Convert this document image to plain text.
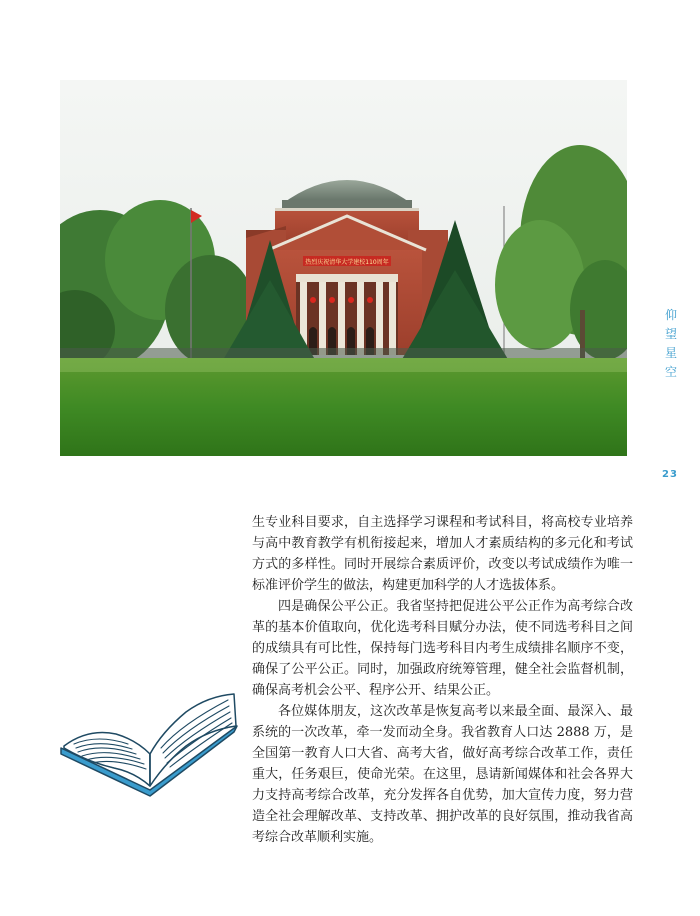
热烈庆祝清华大学建校110周年
仰
望
星
空
23

生专业科目要求，自主选择学习课程和考试科目，将高校专业培养与高中教育教学有机衔接起来，增加人才素质结构的多元化和考试方式的多样性。同时开展综合素质评价，改变以考试成绩作为唯一标准评价学生的做法，构建更加科学的人才选拔体系。

四是确保公平公正。我省坚持把促进公平公正作为高考综合改革的基本价值取向，优化选考科目赋分办法，使不同选考科目之间的成绩具有可比性，保持每门选考科目内考生成绩排名顺序不变，确保了公平公正。同时，加强政府统筹管理，健全社会监督机制，确保高考机会公平、程序公开、结果公正。

各位媒体朋友，这次改革是恢复高考以来最全面、最深入、最系统的一次改革，牵一发而动全身。我省教育人口达 2888 万，是全国第一教育人口大省、高考大省，做好高考综合改革工作，责任重大，任务艰巨，使命光荣。在这里，恳请新闻媒体和社会各界大力支持高考综合改革，充分发挥各自优势，加大宣传力度，努力营造全社会理解改革、支持改革、拥护改革的良好氛围，推动我省高考综合改革顺利实施。
